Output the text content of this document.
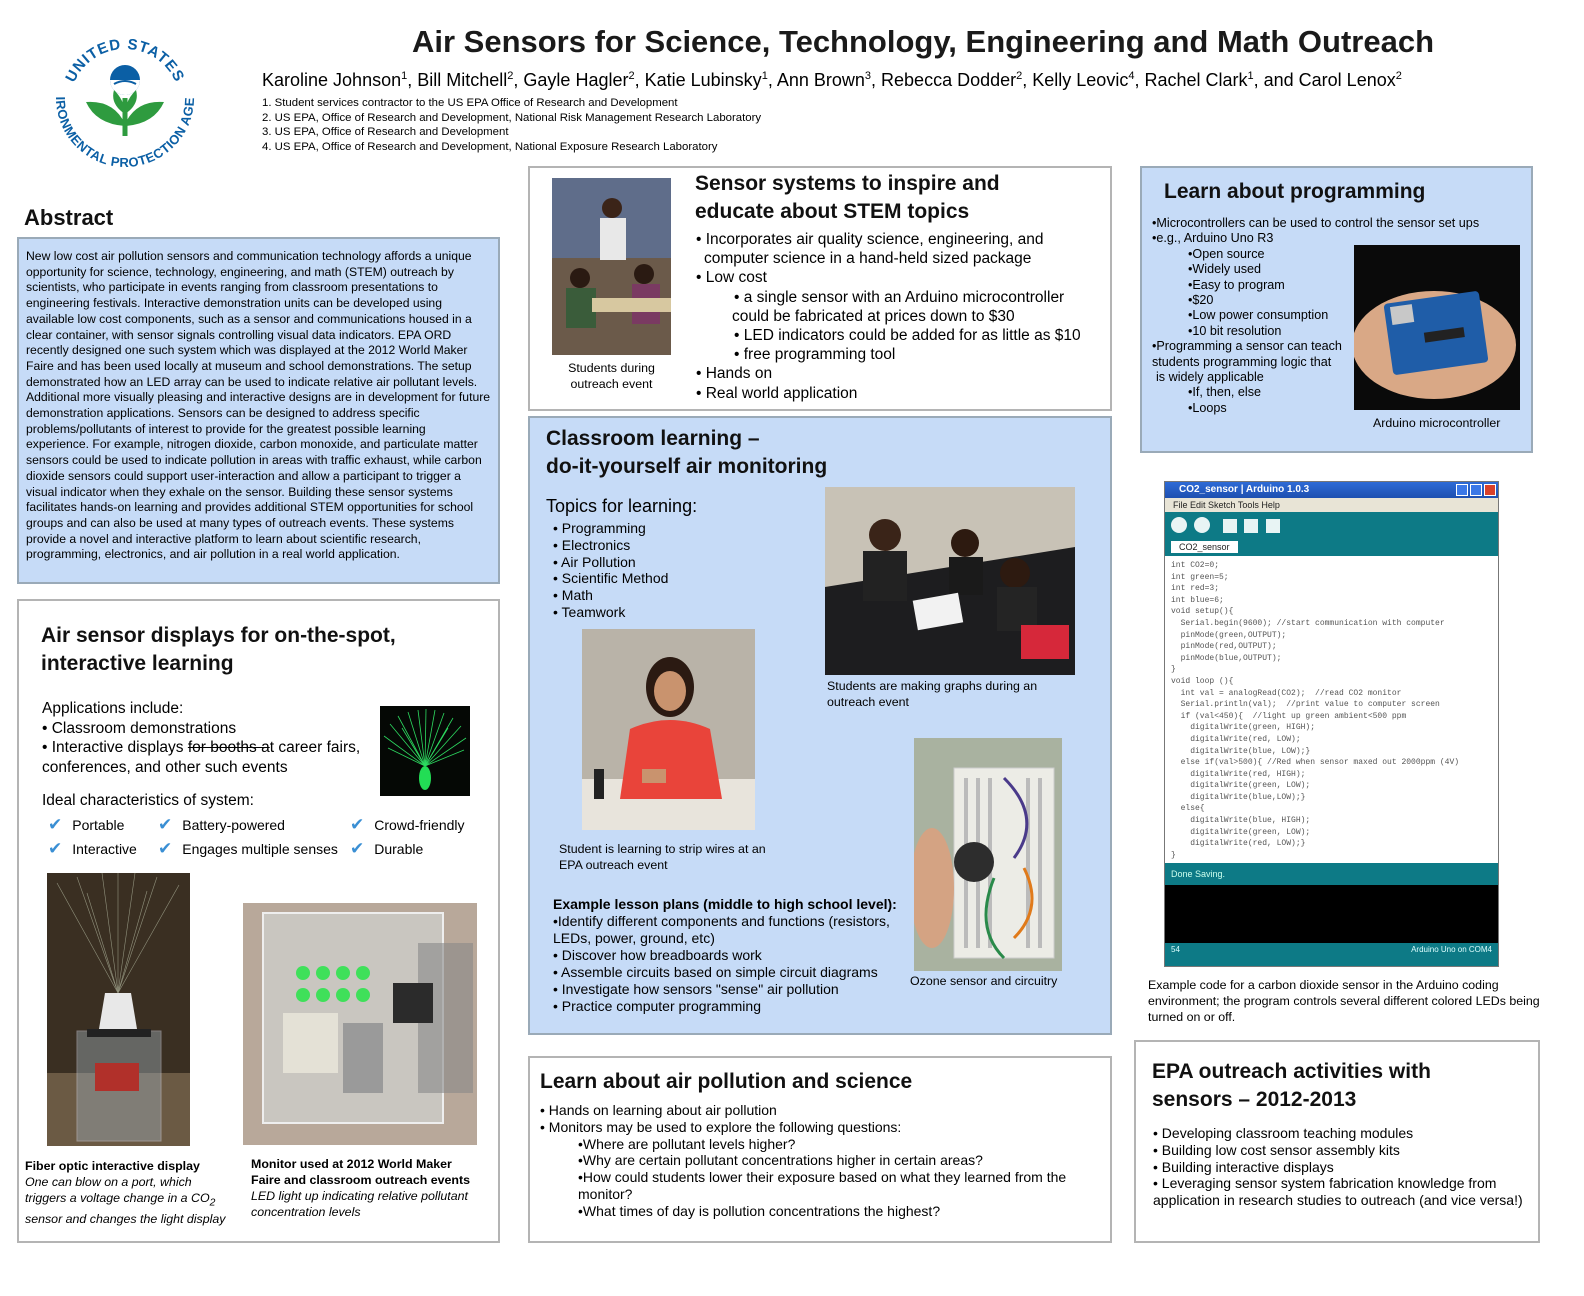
UNITED STATES
IRONMENTAL PROTECTION AGE
Air Sensors for Science, Technology, Engineering and Math Outreach
Karoline Johnson$^1$, Bill Mitchell$^2$, Gayle Hagler$^2$, Katie Lubinsky$^1$, Ann Brown$^3$, Rebecca Dodder$^2$, Kelly Leovic$^4$, Rachel Clark$^1$, and Carol Lenox$^2$
1. Student services contractor to the US EPA Office of Research and Development
2. US EPA, Office of Research and Development, National Risk Management Research Laboratory
3. US EPA, Office of Research and Development
4. US EPA, Office of Research and Development, National Exposure Research Laboratory
Abstract
New low cost air pollution sensors and communication technology affords a unique opportunity for science, technology, engineering, and math (STEM) outreach by scientists, who participate in events ranging from classroom presentations to engineering festivals. Interactive demonstration units can be developed using available low cost components, such as a sensor and communications housed in a clear container, with sensor signals controlling visual data indicators. EPA ORD recently designed one such system which was displayed at the 2012 World Maker Faire and has been used locally at museum and school demonstrations. The setup demonstrated how an LED array can be used to indicate relative air pollutant levels. Additional more visually pleasing and interactive designs are in development for future demonstration applications. Sensors can be designed to address specific problems/pollutants of interest to provide for the greatest possible learning experience. For example, nitrogen dioxide, carbon monoxide, and particulate matter sensors could be used to indicate pollution in areas with traffic exhaust, while carbon dioxide sensors could support user-interaction and allow a participant to trigger a visual indicator when they exhale on the sensor. Building these sensor systems facilitates hands-on learning and provides additional STEM opportunities for school groups and can also be used at many types of outreach events. These systems provide a novel and interactive platform to learn about scientific research, programming, electronics, and air pollution in a real world application.
Air sensor displays for on-the-spot,
interactive learning
Applications include:
• Classroom demonstrations
• Interactive displays for booths at career fairs,
conferences, and other such events
Ideal characteristics of system:
✔ Portable ✔ Battery-powered	✔ Crowd-friendly
✔ Interactive ✔ Engages multiple senses ✔ Durable
Fiber optic interactive display
One can blow on a port, which
triggers a voltage change in a $CO_2$
sensor and changes the light display
Monitor used at 2012 World Maker
Faire and classroom outreach events
LED light up indicating relative pollutant
concentration levels
Students during
outreach event
Sensor systems to inspire and
educate about STEM topics
• Incorporates air quality science, engineering, and
computer science in a hand-held sized package
• Low cost
• a single sensor with an Arduino microcontroller
could be fabricated at prices down to $30
• LED indicators could be added for as little as $10
• free programming tool
• Hands on
• Real world application
Classroom learning –
do-it-yourself air monitoring
Topics for learning:
• Programming
• Electronics
• Air Pollution
• Scientific Method
• Math
• Teamwork
Students are making graphs during an
outreach event
Student is learning to strip wires at an
EPA outreach event
Ozone sensor and circuitry
Example lesson plans (middle to high school level):
•Identify different components and functions (resistors,
LEDs, power, ground, etc)
• Discover how breadboards work
• Assemble circuits based on simple circuit diagrams
• Investigate how sensors "sense" air pollution
• Practice computer programming
Learn about air pollution and science
• Hands on learning about air pollution
• Monitors may be used to explore the following questions:
•Where are pollutant levels higher?
•Why are certain pollutant concentrations higher in certain areas?
•How could students lower their exposure based on what they learned from the
monitor?
•What times of day is pollution concentrations the highest?
Learn about programming
•Microcontrollers can be used to control the sensor set ups
•e.g., Arduino Uno R3
•Open source
•Widely used
•Easy to program
•$20
•Low power consumption
•10 bit resolution
•Programming a sensor can teach
students programming logic that
is widely applicable
•If, then, else
•Loops
Arduino microcontroller
CO2_sensor | Arduino 1.0.3
File Edit Sketch Tools Help

CO2_sensor
int CO2=0;
int green=5;
int red=3;
int blue=6;
void setup(){
Serial.begin(9600); //start communication with computer
pinMode(green,OUTPUT);
pinMode(red,OUTPUT);
pinMode(blue,OUTPUT);
}
void loop (){
int val = analogRead(CO2);  //read CO2 monitor
Serial.println(val);  //print value to computer screen
if (val<450){  //light up green ambient<500 ppm
digitalWrite(green, HIGH);
digitalWrite(red, LOW);
digitalWrite(blue, LOW);}
else if(val>500){ //Red when sensor maxed out 2000ppm (4V)
digitalWrite(red, HIGH);
digitalWrite(green, LOW);
digitalWrite(blue,LOW);}
else{
digitalWrite(blue, HIGH);
digitalWrite(green, LOW);
digitalWrite(red, LOW);}
}
Done Saving.
54	Arduino Uno on COM4
Example code for a carbon dioxide sensor in the Arduino coding
environment; the program controls several different colored LEDs being
turned on or off.
EPA outreach activities with
sensors – 2012-2013
• Developing classroom teaching modules
• Building low cost sensor assembly kits
• Building interactive displays
• Leveraging sensor system fabrication knowledge from
application in research studies to outreach (and vice versa!)
